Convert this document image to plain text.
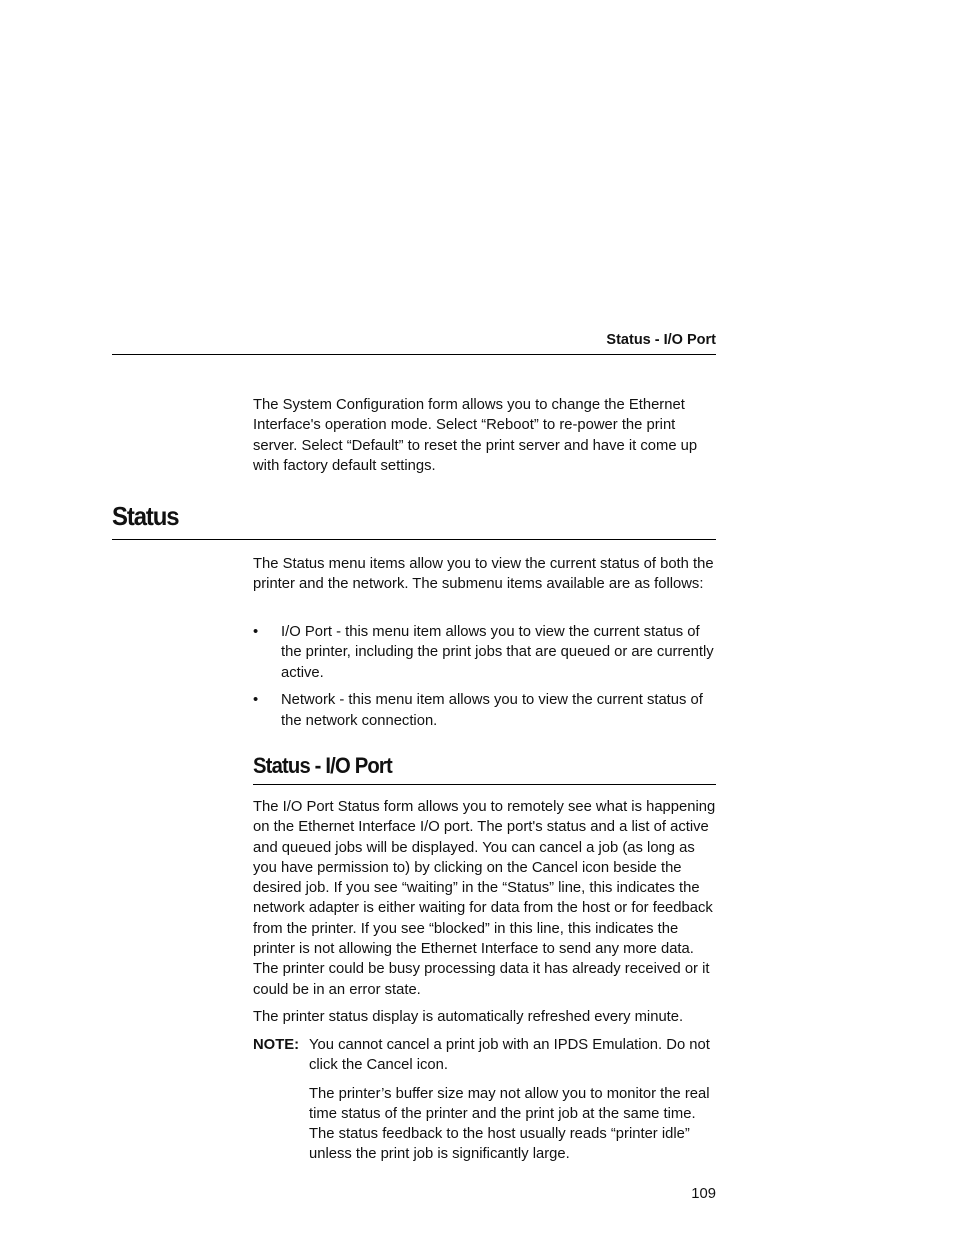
Status - I/O Port

The System Configuration form allows you to change the Ethernet Interface's operation mode. Select “Reboot” to re-power the print server. Select “Default” to reset the print server and have it come up with factory default settings.

Status

The Status menu items allow you to view the current status of both the printer and the network. The submenu items available are as follows:

• I/O Port - this menu item allows you to view the current status of the printer, including the print jobs that are queued or are currently active.
• Network - this menu item allows you to view the current status of the network connection.
Status - I/O Port

The I/O Port Status form allows you to remotely see what is happening on the Ethernet Interface I/O port. The port's status and a list of active and queued jobs will be displayed. You can cancel a job (as long as you have permission to) by clicking on the Cancel icon beside the desired job. If you see “waiting” in the “Status” line, this indicates the network adapter is either waiting for data from the host or for feedback from the printer. If you see “blocked” in this line, this indicates the printer is not allowing the Ethernet Interface to send any more data. The printer could be busy processing data it has already received or it could be in an error state.

The printer status display is automatically refreshed every minute.

NOTE: You cannot cancel a print job with an IPDS Emulation. Do not click the Cancel icon.

The printer’s buffer size may not allow you to monitor the real time status of the printer and the print job at the same time. The status feedback to the host usually reads “printer idle” unless the print job is significantly large.

109
